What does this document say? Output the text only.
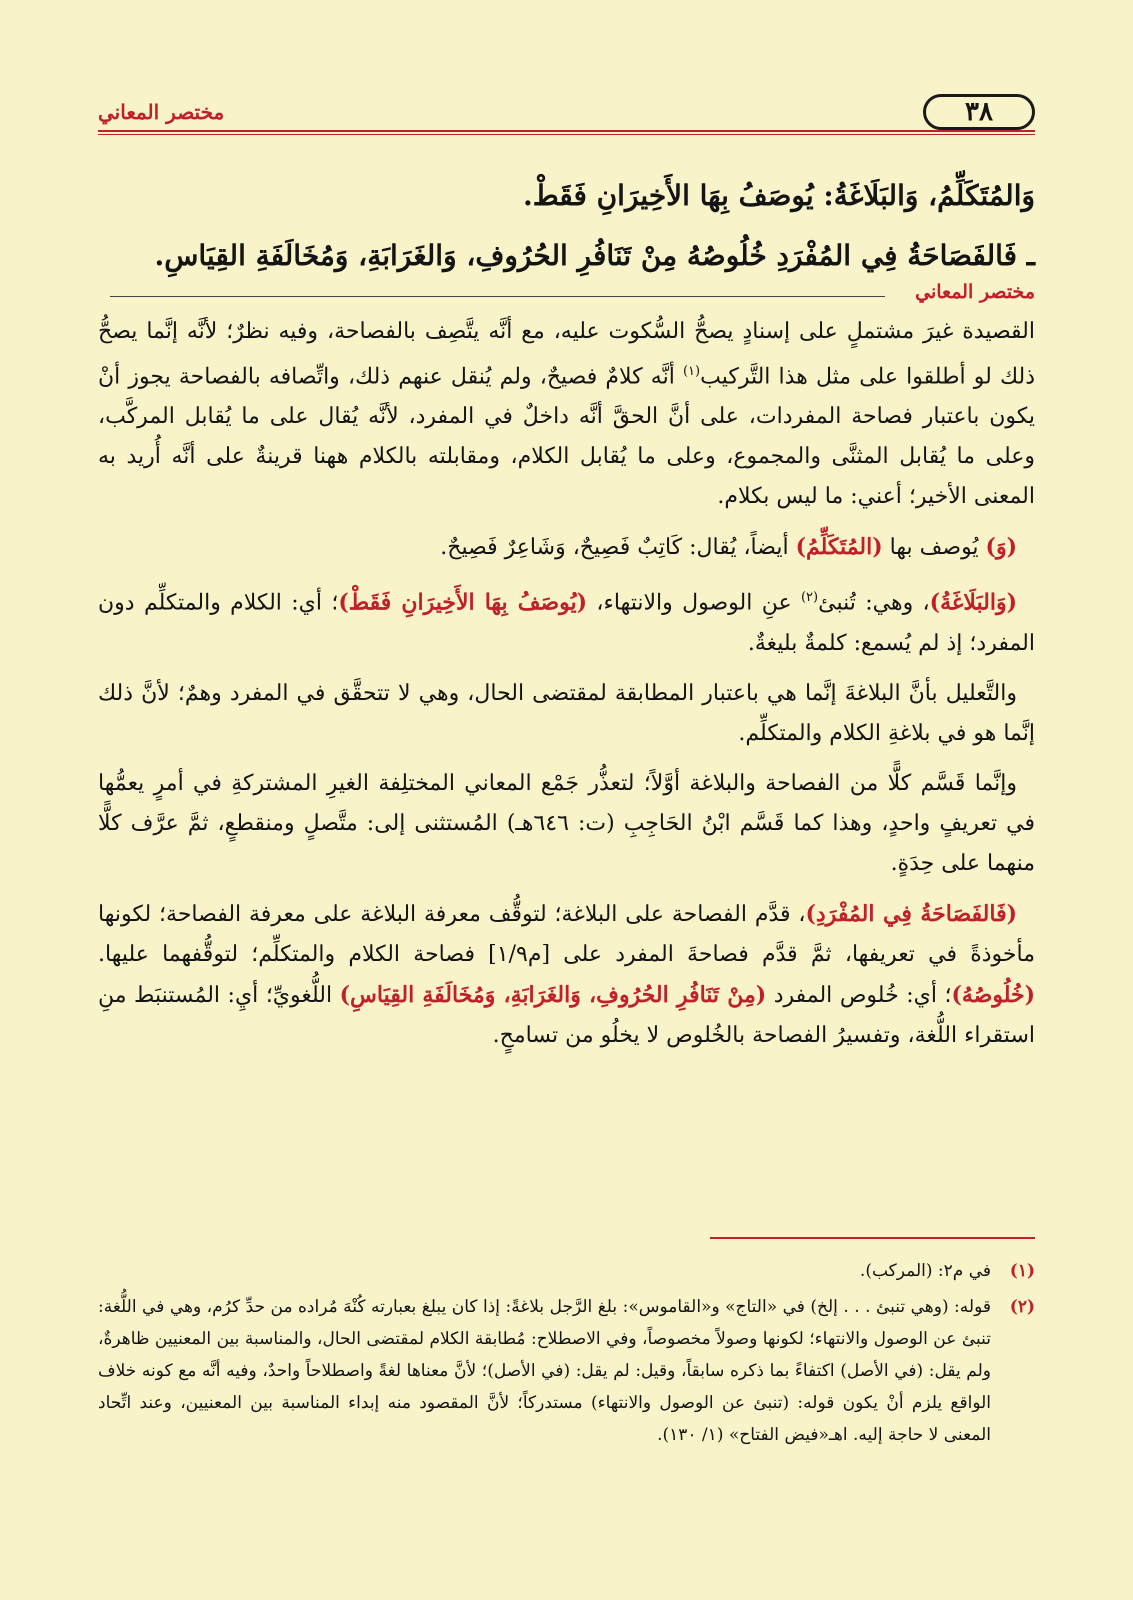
مختصر المعاني	٣٨
وَالمُتَكَلِّمُ، وَالبَلَاغَةُ: يُوصَفُ بِهَا الأَخِيرَانِ فَقَطْ.
ـ فَالفَصَاحَةُ فِي المُفْرَدِ خُلُوصُهُ مِنْ تَنَافُرِ الحُرُوفِ، وَالغَرَابَةِ، وَمُخَالَفَةِ القِيَاسِ.
مختصر المعاني

القصيدة غيرَ مشتملٍ على إسنادٍ يصحُّ السُّكوت عليه، مع أنَّه يتَّصِف بالفصاحة، وفيه نظرٌ؛ لأنَّه إنَّما يصحُّ ذلك لو أطلقوا على مثل هذا التَّركيب$^{(١)}$ أنَّه كلامٌ فصيحٌ، ولم يُنقل عنهم ذلك، واتِّصافه بالفصاحة يجوز أنْ يكون باعتبار فصاحة المفردات، على أنَّ الحقَّ أنَّه داخلٌ في المفرد، لأنَّه يُقال على ما يُقابل المركَّب، وعلى ما يُقابل المثنَّى والمجموع، وعلى ما يُقابل الكلام، ومقابلته بالكلام ههنا قرينةٌ على أنَّه أُريد به المعنى الأخير؛ أعني: ما ليس بكلام.

(وَ) يُوصف بها (المُتَكَلِّمُ) أيضاً، يُقال: كَاتِبٌ فَصِيحٌ، وَشَاعِرٌ فَصِيحٌ.

(وَالبَلَاغَةُ)، وهي: تُنبئ$^{(٢)}$ عنِ الوصول والانتهاء، (يُوصَفُ بِهَا الأَخِيرَانِ فَقَطْ)؛ أي: الكلام والمتكلِّم دون المفرد؛ إذ لم يُسمع: كلمةٌ بليغةٌ.

والتَّعليل بأنَّ البلاغةَ إنَّما هي باعتبار المطابقة لمقتضى الحال، وهي لا تتحقَّق في المفرد وهمٌ؛ لأنَّ ذلك إنَّما هو في بلاغةِ الكلام والمتكلِّم.

وإنَّما قَسَّم كلًّا من الفصاحة والبلاغة أوَّلاً؛ لتعذُّر جَمْع المعاني المختلِفة الغيرِ المشتركةِ في أمرٍ يعمُّها في تعريفٍ واحدٍ، وهذا كما قَسَّم ابْنُ الحَاجِبِ (ت: ٦٤٦هـ) المُستثنى إلى: متَّصلٍ ومنقطعٍ، ثمَّ عرَّف كلًّا منهما على حِدَةٍ.

(فَالفَصَاحَةُ فِي المُفْرَدِ)، قدَّم الفصاحة على البلاغة؛ لتوقُّف معرفة البلاغة على معرفة الفصاحة؛ لكونها مأخوذةً في تعريفها، ثمَّ قدَّم فصاحةَ المفرد على [م١/٩] فصاحة الكلام والمتكلِّم؛ لتوقُّفهما عليها. (خُلُوصُهُ)؛ أي: خُلوص المفرد (مِنْ تَنَافُرِ الحُرُوفِ، وَالغَرَابَةِ، وَمُخَالَفَةِ القِيَاسِ) اللُّغويِّ؛ أيِ: المُستنبَط منِ استقراء اللُّغة، وتفسيرُ الفصاحة بالخُلوص لا يخلُو من تسامحٍ.

(١)
في م٢: (المركب).
(٢)
قوله: (وهي تنبئ . . . إلخ) في «التاج» و«القاموس»: بلغ الرَّجل بلاغةً: إذا كان يبلغ بعبارته كُنْهَ مُراده من حدِّ كرُم، وهي في اللُّغة: تنبئ عن الوصول والانتهاء؛ لكونها وصولاً مخصوصاً، وفي الاصطلاح: مُطابقة الكلام لمقتضى الحال، والمناسبة بين المعنيين ظاهرةٌ، ولم يقل: (في الأصل) اكتفاءً بما ذكره سابقاً، وقيل: لم يقل: (في الأصل)؛ لأنَّ معناها لغةً واصطلاحاً واحدٌ، وفيه أنَّه مع كونه خلاف الواقع يلزم أنْ يكون قوله: (تنبئ عن الوصول والانتهاء) مستدركاً؛ لأنَّ المقصود منه إبداء المناسبة بين المعنيين، وعند اتِّحاد المعنى لا حاجة إليه. اهـ«فيض الفتاح» (١/ ١٣٠).
